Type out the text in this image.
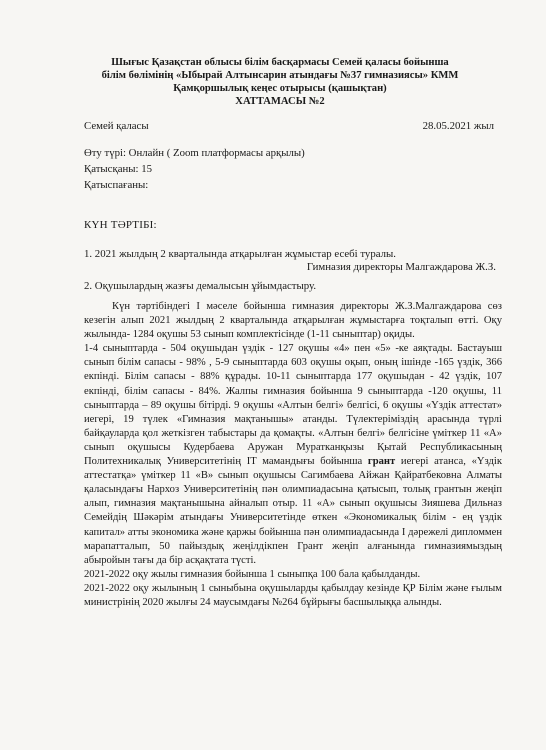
Шығыс Қазақстан облысы білім басқармасы Семей қаласы бойынша
білім бөлімінің «Ыбырай Алтынсарин атындағы №37 гимназиясы» КММ
Қамқоршылық кеңес отырысы (қашықтан)
ХАТТАМАСЫ №2
Семей қаласы	28.05.2021 жыл
Өту түрі: Онлайн ( Zoom платформасы арқылы)
Қатысқаны: 15
Қатыспағаны:
КҮН ТӘРТІБІ:
1. 2021 жылдың 2 кварталында атқарылған жұмыстар есебі туралы.
Гимназия директоры Малгаждарова Ж.З.
2. Оқушылардың жазғы демалысын ұйымдастыру.

Күн тәртібіндегі І мәселе бойынша гимназия директоры Ж.З.Малгаждарова сөз кезегін алып 2021 жылдың 2 кварталында атқарылған жұмыстарға тоқталып өтті. Оқу жылында- 1284 оқушы 53 сынып комплектісінде (1-11 сыныптар) оқиды.

1-4 сыныптарда - 504 оқушыдан үздік - 127 оқушы «4» пен «5» -ке аяқтады. Бастауыш сынып білім сапасы - 98% , 5-9 сыныптарда 603 оқушы оқып, оның ішінде -165 үздік, 366 екпінді. Білім сапасы - 88% құрады. 10-11 сыныптарда 177 оқушыдан - 42 үздік, 107 екпінді, білім сапасы - 84%. Жалпы гимназия бойынша 9 сыныптарда -120 оқушы, 11 сыныптарда – 89 оқушы бітірді. 9 оқушы «Алтын белгі» белгісі, 6 оқушы «Үздік аттестат» иегері, 19 түлек «Гимназия мақтанышы» атанды. Түлектеріміздің арасында түрлі байқауларда қол жеткізген табыстары да қомақты. «Алтын белгі» белгісіне үміткер 11 «А» сынып оқушысы Кудербаева Аружан Муратканқызы Қытай Республикасының Политехникалық Университетінің IT мамандығы бойынша грант иегері атанса, «Үздік аттестатқа» үміткер 11 «В» сынып оқушысы Сагимбаева Айжан Қайратбековна Алматы қаласындағы Нархоз Университетінің пән олимпиадасына қатысып, толық грантын жеңіп алып, гимназия мақтанышына айналып отыр. 11 «А» сынып оқушысы Зияшева Дильназ Семейдің Шәкәрім атындағы Университетінде өткен «Экономикалық білім - ең үздік капитал» атты экономика және қаржы бойынша пән олимпиадасында І дәрежелі дипломмен марапатталып, 50 пайыздық жеңілдікпен Грант жеңіп алғанында гимназиямыздың абыройын тағы да бір асқақтата түсті.

2021-2022 оқу жылы гимназия бойынша 1 сыныпқа 100 бала қабылданды.

2021-2022 оқу жылының 1 сыныбына оқушыларды қабылдау кезінде ҚР Білім және ғылым министрінің 2020 жылғы 24 маусымдағы №264 бұйрығы басшылыққа алынды.
